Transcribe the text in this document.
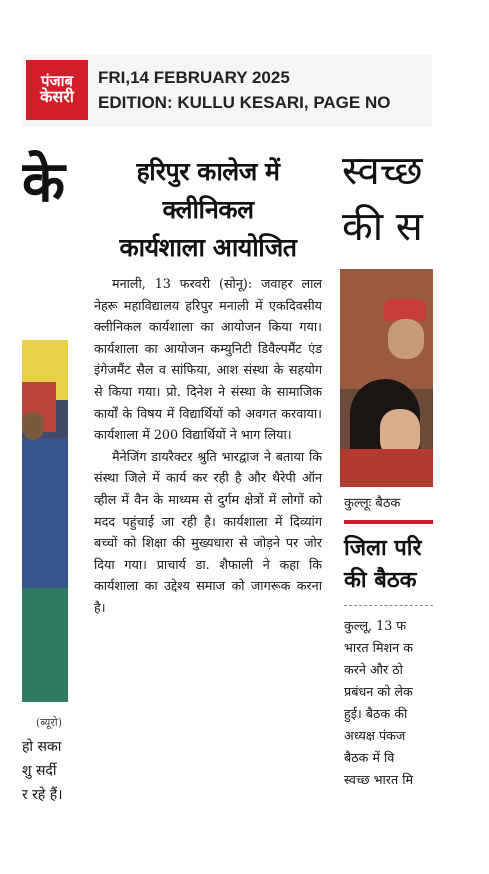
पंजाब
केसरी
FRI,14 FEBRUARY 2025
EDITION: KULLU KESARI, PAGE NO
के
(ब्यूरो)
हो सका
शु सर्दी
र रहे हैं।
हरिपुर कालेज में
क्लीनिकल
कार्यशाला आयोजित

मनाली, 13 फरवरी (सोनू): जवाहर लाल नेहरू महाविद्यालय हरिपुर मनाली में एकदिवसीय क्लीनिकल कार्यशाला का आयोजन किया गया। कार्यशाला का आयोजन कम्युनिटी डिवैल्पमैंट एंड इंगेजमैंट सैल व सांफिया, आश संस्था के सहयोग से किया गया। प्रो. दिनेश ने संस्था के सामाजिक कार्यों के विषय में विद्यार्थियों को अवगत करवाया। कार्यशाला में 200 विद्यार्थियों ने भाग लिया।

मैनेजिंग डायरैक्टर श्रुति भारद्वाज ने बताया कि संस्था जिले में कार्य कर रही है और थैरेपी ऑन व्हील में वैन के माध्यम से दुर्गम क्षेत्रों में लोगों को मदद पहुंचाई जा रही है। कार्यशाला में दिव्यांग बच्चों को शिक्षा की मुख्यधारा से जोड़ने पर जोर दिया गया। प्राचार्य डा. शैफाली ने कहा कि कार्यशाला का उद्देश्य समाज को जागरूक करना है।

स्वच्छ
की स
कुल्लूः बैठक
जिला परि
की बैठक
कुल्लू, 13 फ
भारत मिशन क
करने और ठो
प्रबंधन को लेक
हुई। बैठक की
अध्यक्ष पंकज
बैठक में वि
स्वच्छ भारत मि
